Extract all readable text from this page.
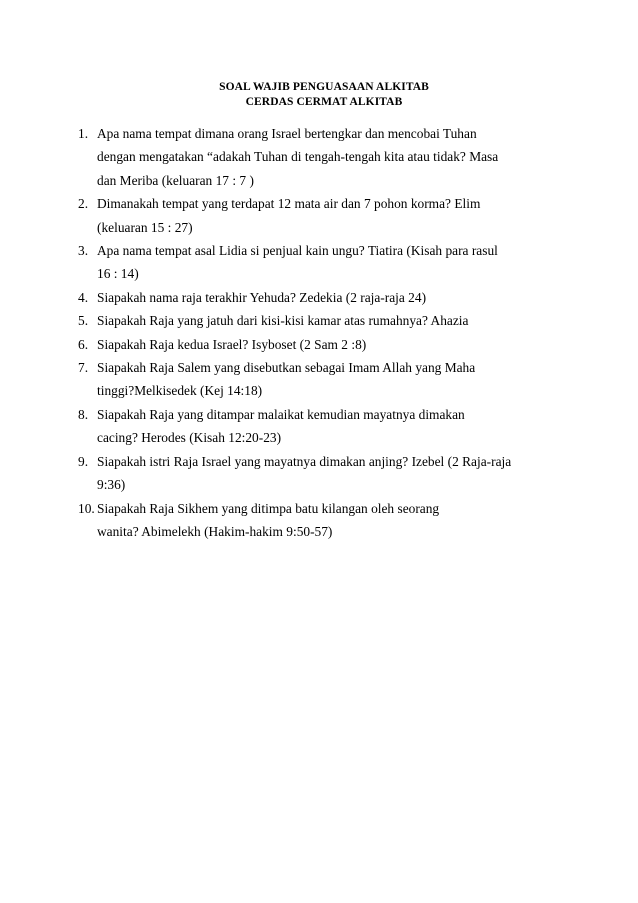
SOAL WAJIB PENGUASAAN ALKITAB
CERDAS CERMAT ALKITAB
1. Apa nama tempat dimana orang Israel bertengkar dan mencobai Tuhan
dengan mengatakan “adakah Tuhan di tengah-tengah kita atau tidak? Masa
dan Meriba (keluaran 17 : 7 )
2. Dimanakah tempat yang terdapat 12 mata air dan 7 pohon korma? Elim
(keluaran 15 : 27)
3. Apa nama tempat asal Lidia si penjual kain ungu? Tiatira (Kisah para rasul
16 : 14)
4. Siapakah nama raja terakhir Yehuda? Zedekia (2 raja-raja 24)
5. Siapakah Raja yang jatuh dari kisi-kisi kamar atas rumahnya? Ahazia
6. Siapakah Raja kedua Israel? Isyboset (2 Sam 2 :8)
7. Siapakah Raja Salem yang disebutkan sebagai Imam Allah yang Maha
tinggi?Melkisedek (Kej 14:18)
8. Siapakah Raja yang ditampar malaikat kemudian mayatnya dimakan
cacing? Herodes (Kisah 12:20-23)
9. Siapakah istri Raja Israel yang mayatnya dimakan anjing? Izebel (2 Raja-raja
9:36)
10. Siapakah Raja Sikhem yang ditimpa batu kilangan oleh seorang
wanita? Abimelekh (Hakim-hakim 9:50-57)
